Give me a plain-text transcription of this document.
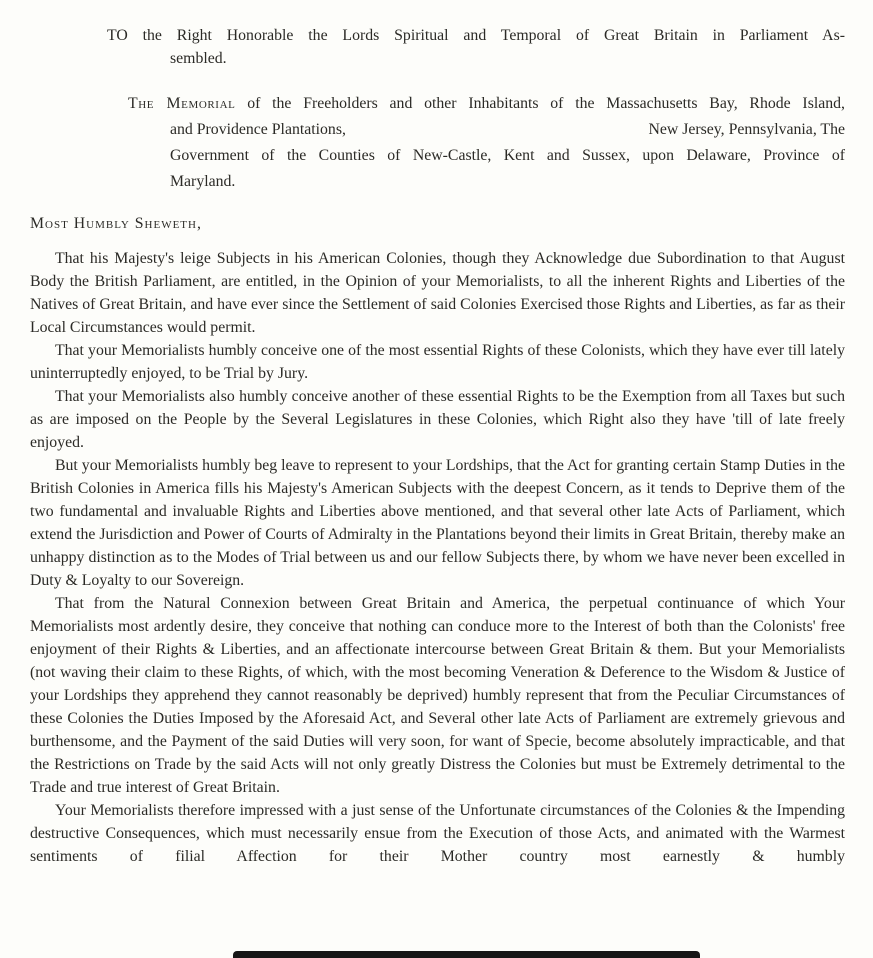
TO the Right Honorable the Lords Spiritual and Temporal of Great Britain in Parliament As-
sembled.
The Memorial of the Freeholders and other Inhabitants of the Massachusetts Bay, Rhode Island,
and Providence Plantations,	New Jersey, Pennsylvania, The
Government of the Counties of New-Castle, Kent and Sussex, upon Delaware, Province of
Maryland.
Most Humbly Sheweth,

That his Majesty's leige Subjects in his American Colonies, though they Acknowledge due Subordination to that August Body the British Parliament, are entitled, in the Opinion of your Memorialists, to all the inherent Rights and Liberties of the Natives of Great Britain, and have ever since the Settlement of said Colonies Exercised those Rights and Liberties, as far as their Local Circumstances would permit.

That your Memorialists humbly conceive one of the most essential Rights of these Colonists, which they have ever till lately uninterruptedly enjoyed, to be Trial by Jury.

That your Memorialists also humbly conceive another of these essential Rights to be the Exemption from all Taxes but such as are imposed on the People by the Several Legislatures in these Colonies, which Right also they have 'till of late freely enjoyed.

But your Memorialists humbly beg leave to represent to your Lordships, that the Act for granting certain Stamp Duties in the British Colonies in America fills his Majesty's American Subjects with the deepest Concern, as it tends to Deprive them of the two fundamental and invaluable Rights and Liberties above mentioned, and that several other late Acts of Parliament, which extend the Jurisdiction and Power of Courts of Admiralty in the Plantations beyond their limits in Great Britain, thereby make an unhappy distinction as to the Modes of Trial between us and our fellow Subjects there, by whom we have never been excelled in Duty & Loyalty to our Sovereign.

That from the Natural Connexion between Great Britain and America, the perpetual continuance of which Your Memorialists most ardently desire, they conceive that nothing can conduce more to the Interest of both than the Colonists' free enjoyment of their Rights & Liberties, and an affectionate intercourse between Great Britain & them. But your Memorialists (not waving their claim to these Rights, of which, with the most becoming Veneration & Deference to the Wisdom & Justice of your Lordships they apprehend they cannot reasonably be deprived) humbly represent that from the Peculiar Circumstances of these Colonies the Duties Imposed by the Aforesaid Act, and Several other late Acts of Parliament are extremely grievous and burthensome, and the Payment of the said Duties will very soon, for want of Specie, become absolutely impracticable, and that the Restrictions on Trade by the said Acts will not only greatly Distress the Colonies but must be Extremely detrimental to the Trade and true interest of Great Britain.

Your Memorialists therefore impressed with a just sense of the Unfortunate circumstances of the Colonies & the Impending destructive Consequences, which must necessarily ensue from the Execution of those Acts, and animated with the Warmest sentiments of filial Affection for their Mother country most earnestly & humbly
